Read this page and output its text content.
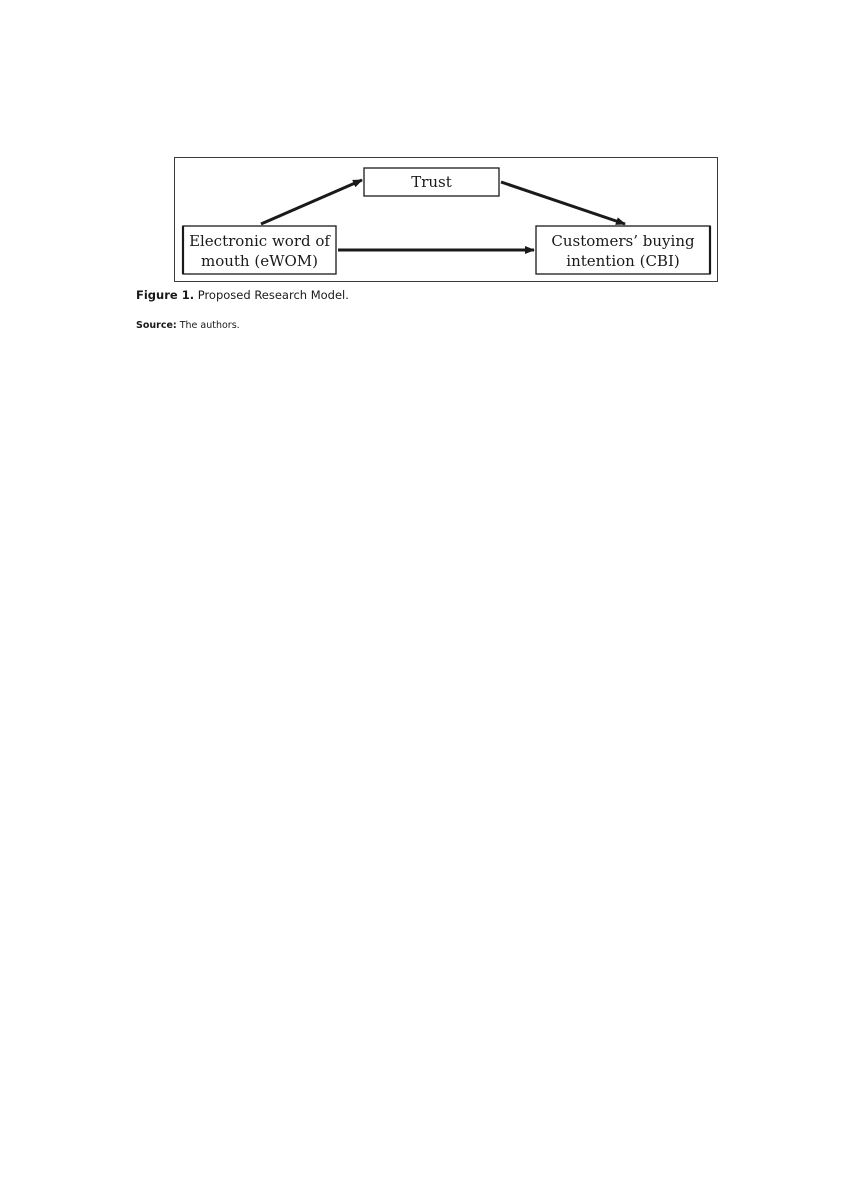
Trust
Electronic word of
mouth (eWOM)
Customers’ buying
intention (CBI)
Figure 1. Proposed Research Model.
Source: The authors.
